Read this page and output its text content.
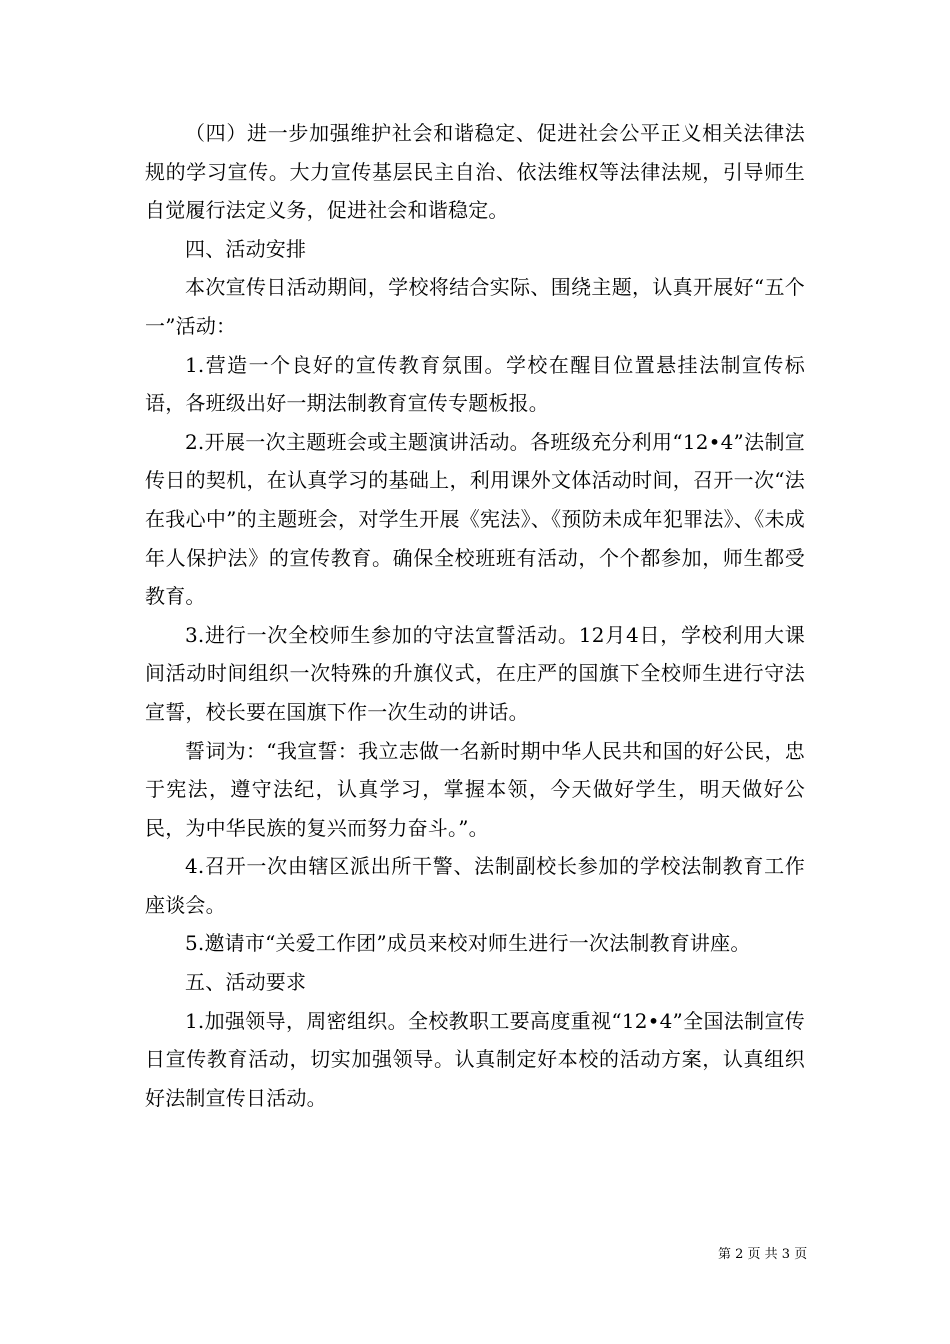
（四）进一步加强维护社会和谐稳定、促进社会公平正义相关法律法规的学习宣传。大力宣传基层民主自治、依法维权等法律法规，引导师生自觉履行法定义务，促进社会和谐稳定。

四、活动安排

本次宣传日活动期间，学校将结合实际、围绕主题，认真开展好“五个一”活动：

1.营造一个良好的宣传教育氛围。学校在醒目位置悬挂法制宣传标语，各班级出好一期法制教育宣传专题板报。

2.开展一次主题班会或主题演讲活动。各班级充分利用“12•4”法制宣传日的契机，在认真学习的基础上，利用课外文体活动时间，召开一次“法在我心中”的主题班会，对学生开展《宪法》、《预防未成年犯罪法》、《未成年人保护法》的宣传教育。确保全校班班有活动，个个都参加，师生都受教育。

3.进行一次全校师生参加的守法宣誓活动。12月4日，学校利用大课间活动时间组织一次特殊的升旗仪式，在庄严的国旗下全校师生进行守法宣誓，校长要在国旗下作一次生动的讲话。

誓词为：“我宣誓：我立志做一名新时期中华人民共和国的好公民，忠于宪法，遵守法纪，认真学习，掌握本领，今天做好学生，明天做好公民，为中华民族的复兴而努力奋斗。”。

4.召开一次由辖区派出所干警、法制副校长参加的学校法制教育工作座谈会。

5.邀请市“关爱工作团”成员来校对师生进行一次法制教育讲座。

五、活动要求

1.加强领导，周密组织。全校教职工要高度重视“12•4”全国法制宣传日宣传教育活动，切实加强领导。认真制定好本校的活动方案，认真组织好法制宣传日活动。

第 2 页 共 3 页
